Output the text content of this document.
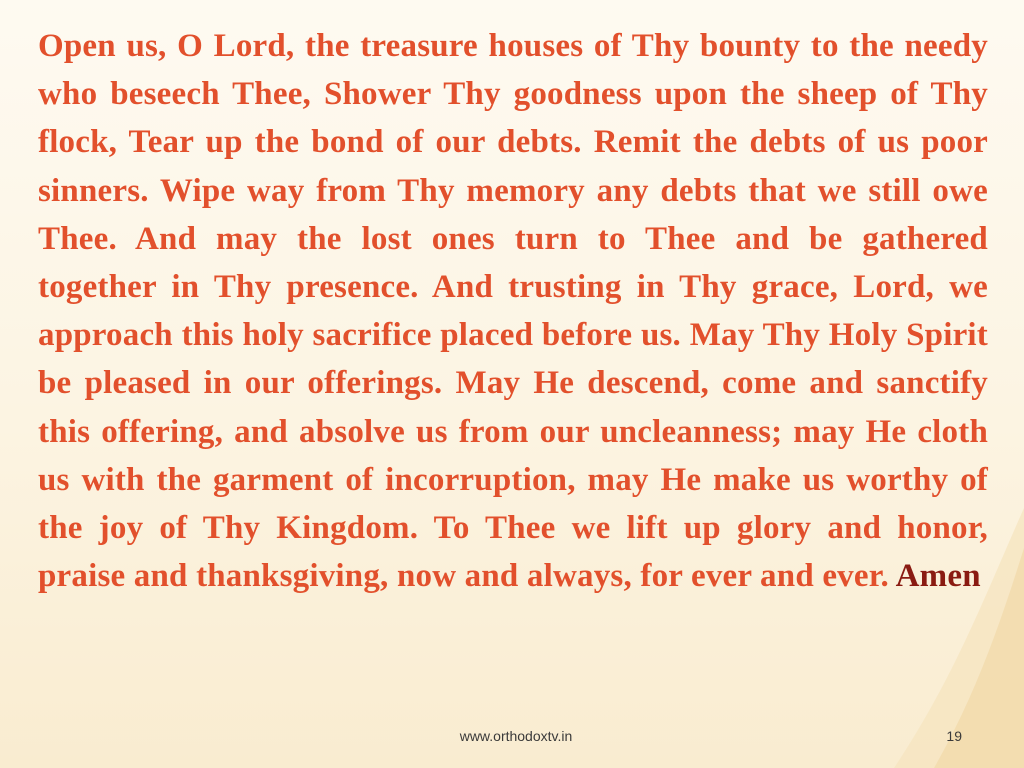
Open us, O Lord, the treasure houses of Thy bounty to the needy who beseech Thee, Shower Thy goodness upon the sheep of Thy flock, Tear up the bond of our debts. Remit the debts of us poor sinners. Wipe way from Thy memory any debts that we still owe Thee. And may the lost ones turn to Thee and be gathered together in Thy presence. And trusting in Thy grace, Lord, we approach this holy sacrifice placed before us. May Thy Holy Spirit be pleased in our offerings. May He descend, come and sanctify this offering, and absolve us from our uncleanness; may He cloth us with the garment of incorruption, may He make us worthy of the joy of Thy Kingdom. To Thee we lift up glory and honor, praise and thanksgiving, now and always, for ever and ever. Amen

www.orthodoxtv.in	19
